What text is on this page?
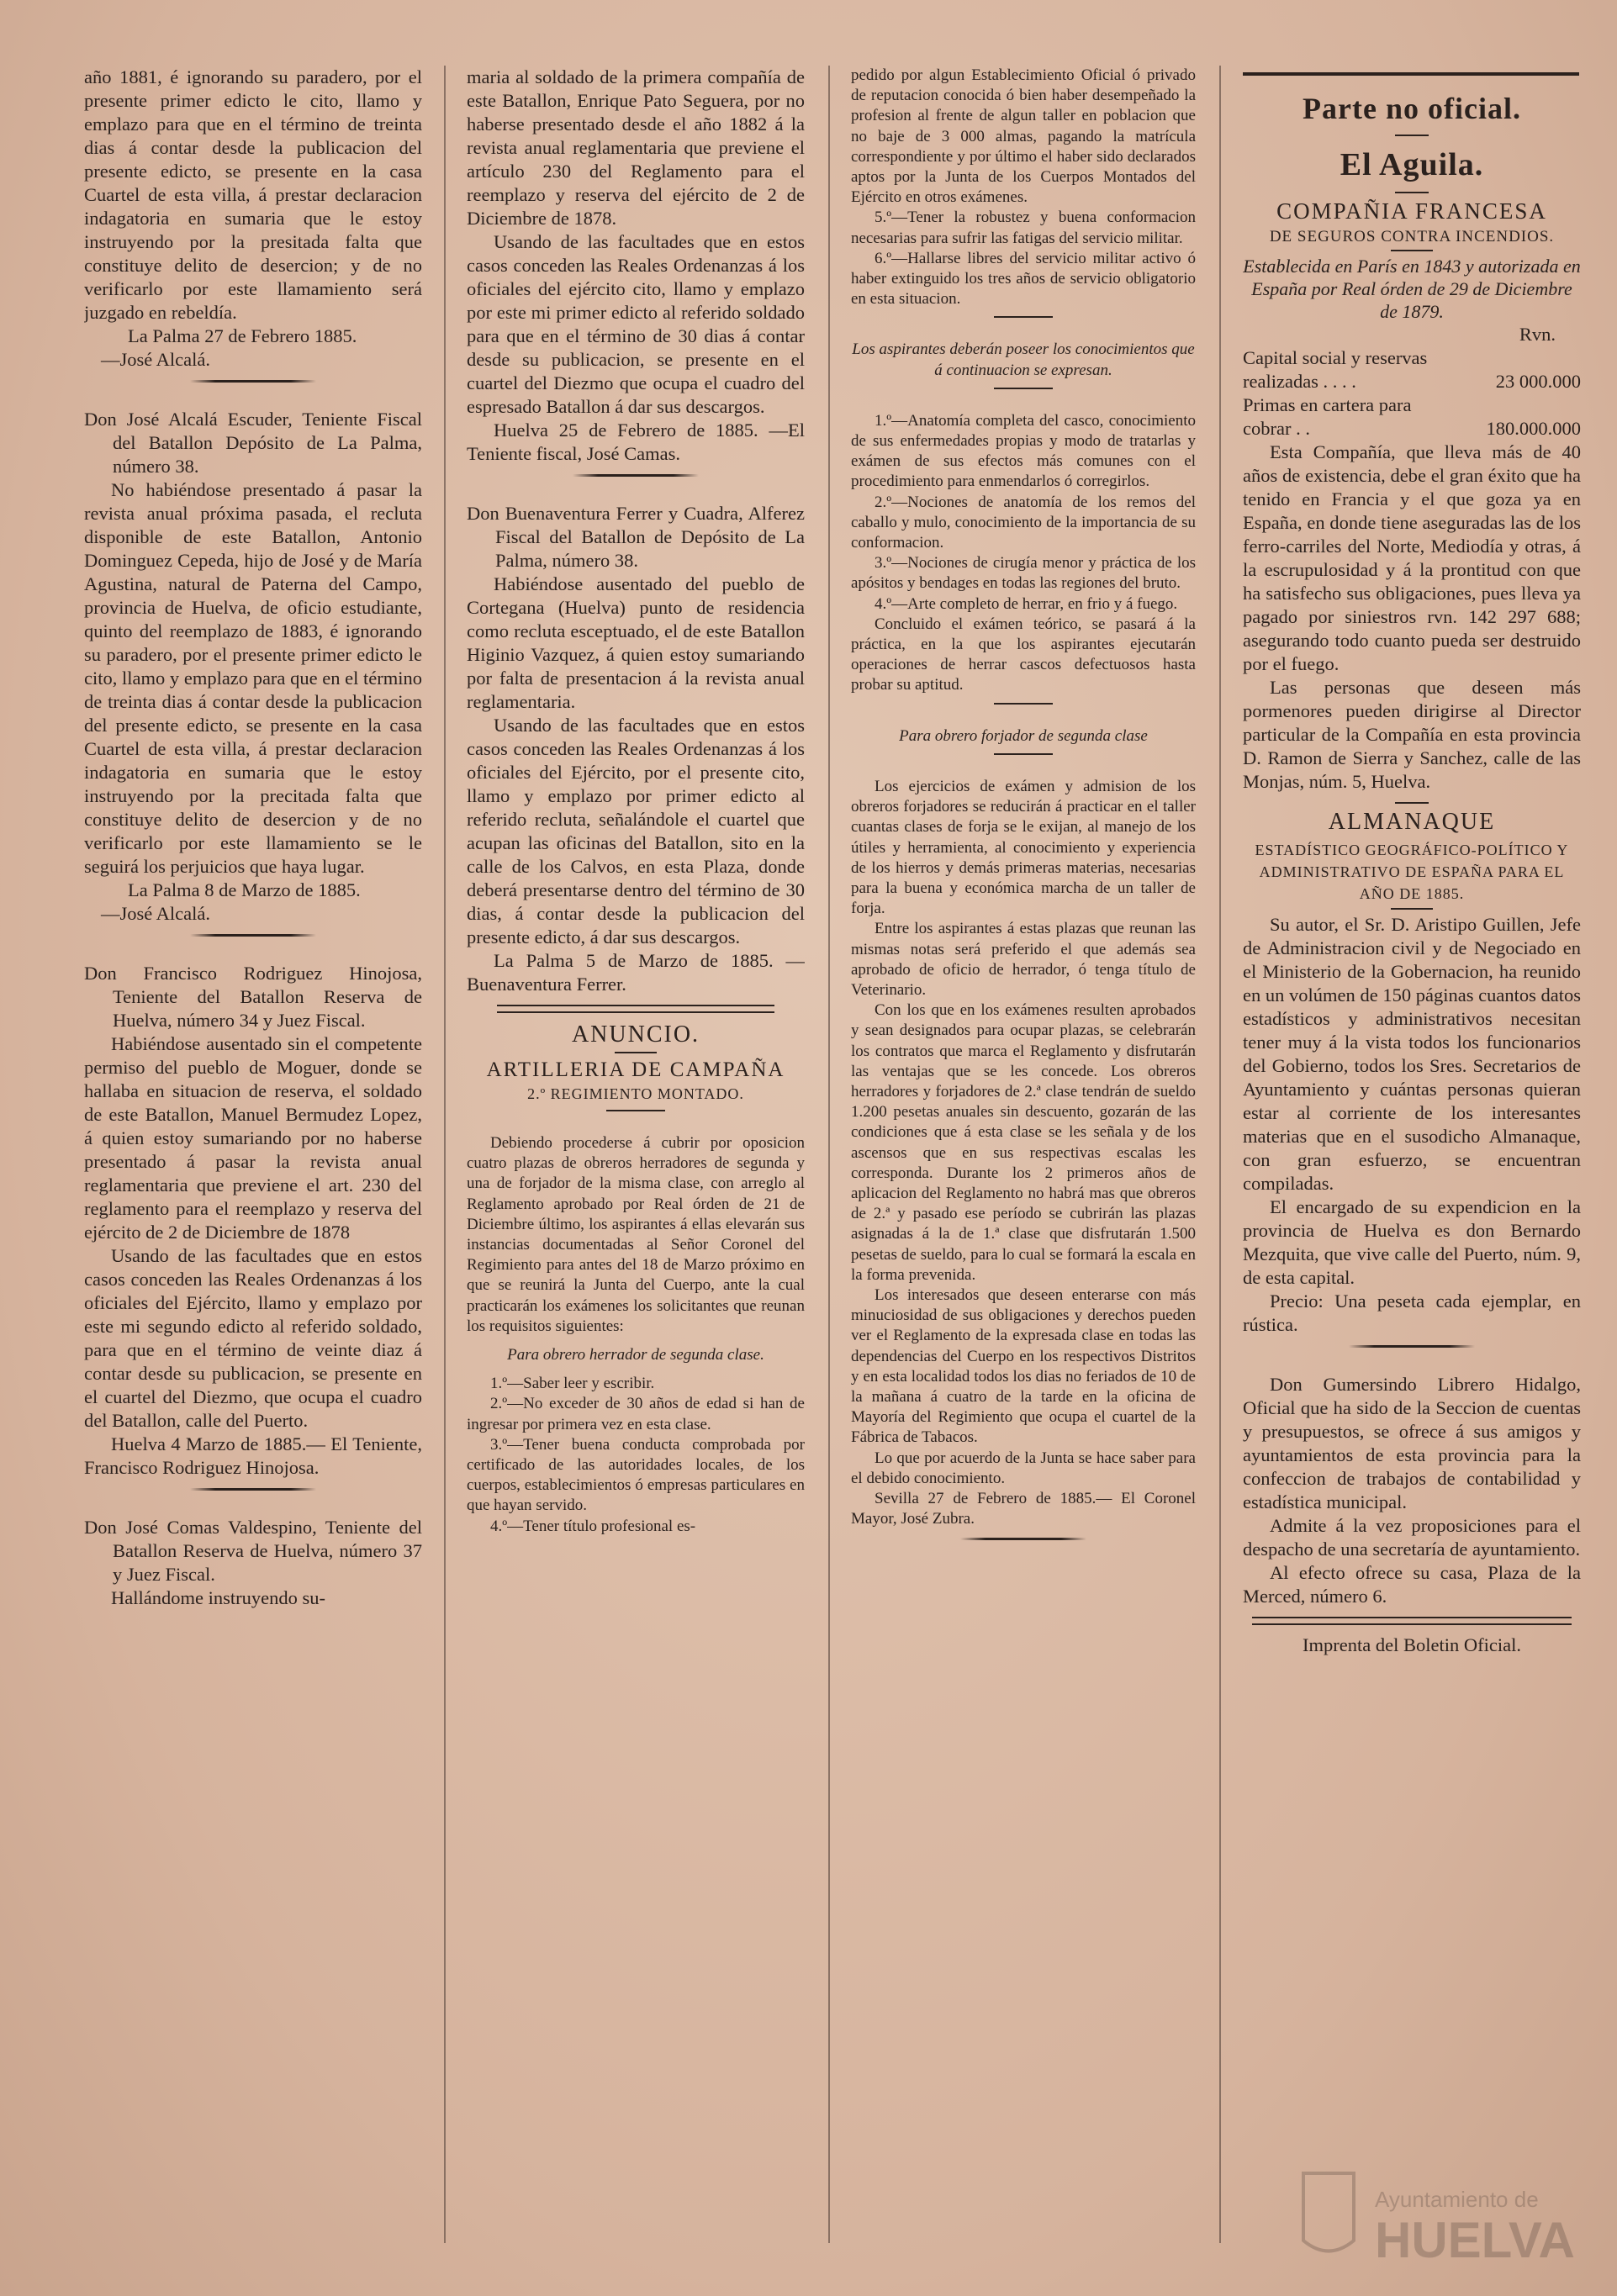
año 1881, é ignorando su paradero, por el presente primer edicto le cito, llamo y emplazo para que en el término de treinta dias á contar desde la publicacion del presente edicto, se presente en la casa Cuartel de esta villa, á prestar declaracion indagatoria en sumaria que le estoy instruyendo por la presitada falta que constituye delito de desercion; y de no verificarlo por este llamamiento será juzgado en rebeldía.

La Palma 27 de Febrero 1885.

—José Alcalá.

Don José Alcalá Escuder, Teniente Fiscal del Batallon Depósito de La Palma, número 38.

No habiéndose presentado á pasar la revista anual próxima pasada, el recluta disponible de este Batallon, Antonio Dominguez Cepeda, hijo de José y de María Agustina, natural de Paterna del Campo, provincia de Huelva, de oficio estudiante, quinto del reemplazo de 1883, é ignorando su paradero, por el presente primer edicto le cito, llamo y emplazo para que en el término de treinta dias á contar desde la publicacion del presente edicto, se presente en la casa Cuartel de esta villa, á prestar declaracion indagatoria en sumaria que le estoy instruyendo por la precitada falta que constituye delito de desercion y de no verificarlo por este llamamiento se le seguirá los perjuicios que haya lugar.

La Palma 8 de Marzo de 1885.

—José Alcalá.

Don Francisco Rodriguez Hinojosa, Teniente del Batallon Reserva de Huelva, número 34 y Juez Fiscal.

Habiéndose ausentado sin el competente permiso del pueblo de Moguer, donde se hallaba en situacion de reserva, el soldado de este Batallon, Manuel Bermudez Lopez, á quien estoy sumariando por no haberse presentado á pasar la revista anual reglamentaria que previene el art. 230 del reglamento para el reemplazo y reserva del ejército de 2 de Diciembre de 1878

Usando de las facultades que en estos casos conceden las Reales Ordenanzas á los oficiales del Ejército, llamo y emplazo por este mi segundo edicto al referido soldado, para que en el término de veinte diaz á contar desde su publicacion, se presente en el cuartel del Diezmo, que ocupa el cuadro del Batallon, calle del Puerto.

Huelva 4 Marzo de 1885.— El Teniente, Francisco Rodriguez Hinojosa.

Don José Comas Valdespino, Teniente del Batallon Reserva de Huelva, número 37 y Juez Fiscal.

Hallándome instruyendo su-

maria al soldado de la primera compañía de este Batallon, Enrique Pato Seguera, por no haberse presentado desde el año 1882 á la revista anual reglamentaria que previene el artículo 230 del Reglamento para el reemplazo y reserva del ejército de 2 de Diciembre de 1878.

Usando de las facultades que en estos casos conceden las Reales Ordenanzas á los oficiales del ejército cito, llamo y emplazo por este mi primer edicto al referido soldado para que en el término de 30 dias á contar desde su publicacion, se presente en el cuartel del Diezmo que ocupa el cuadro del espresado Batallon á dar sus descargos.

Huelva 25 de Febrero de 1885. —El Teniente fiscal, José Camas.

Don Buenaventura Ferrer y Cuadra, Alferez Fiscal del Batallon de Depósito de La Palma, número 38.

Habiéndose ausentado del pueblo de Cortegana (Huelva) punto de residencia como recluta esceptuado, el de este Batallon Higinio Vazquez, á quien estoy sumariando por falta de presentacion á la revista anual reglamentaria.

Usando de las facultades que en estos casos conceden las Reales Ordenanzas á los oficiales del Ejército, por el presente cito, llamo y emplazo por primer edicto al referido recluta, señalándole el cuartel que acupan las oficinas del Batallon, sito en la calle de los Calvos, en esta Plaza, donde deberá presentarse dentro del término de 30 dias, á contar desde la publicacion del presente edicto, á dar sus descargos.

La Palma 5 de Marzo de 1885. —Buenaventura Ferrer.

ANUNCIO.

ARTILLERIA DE CAMPAÑA

2.º REGIMIENTO MONTADO.

Debiendo procederse á cubrir por oposicion cuatro plazas de obreros herradores de segunda y una de forjador de la misma clase, con arreglo al Reglamento aprobado por Real órden de 21 de Diciembre último, los aspirantes á ellas elevarán sus instancias documentadas al Señor Coronel del Regimiento para antes del 18 de Marzo próximo en que se reunirá la Junta del Cuerpo, ante la cual practicarán los exámenes los solicitantes que reunan los requisitos siguientes:

Para obrero herrador de segunda clase.

1.º—Saber leer y escribir.

2.º—No exceder de 30 años de edad si han de ingresar por primera vez en esta clase.

3.º—Tener buena conducta comprobada por certificado de las autoridades locales, de los cuerpos, establecimientos ó empresas particulares en que hayan servido.

4.º—Tener título profesional es-

pedido por algun Establecimiento Oficial ó privado de reputacion conocida ó bien haber desempeñado la profesion al frente de algun taller en poblacion que no baje de 3 000 almas, pagando la matrícula correspondiente y por último el haber sido declarados aptos por la Junta de los Cuerpos Montados del Ejército en otros exámenes.

5.º—Tener la robustez y buena conformacion necesarias para sufrir las fatigas del servicio militar.

6.º—Hallarse libres del servicio militar activo ó haber extinguido los tres años de servicio obligatorio en esta situacion.

Los aspirantes deberán poseer los conocimientos que á continuacion se expresan.

1.º—Anatomía completa del casco, conocimiento de sus enfermedades propias y modo de tratarlas y exámen de sus efectos más comunes con el procedimiento para enmendarlos ó corregirlos.

2.º—Nociones de anatomía de los remos del caballo y mulo, conocimiento de la importancia de su conformacion.

3.º—Nociones de cirugía menor y práctica de los apósitos y bendages en todas las regiones del bruto.

4.º—Arte completo de herrar, en frio y á fuego.

Concluido el exámen teórico, se pasará á la práctica, en la que los aspirantes ejecutarán operaciones de herrar cascos defectuosos hasta probar su aptitud.

Para obrero forjador de segunda clase

Los ejercicios de exámen y admision de los obreros forjadores se reducirán á practicar en el taller cuantas clases de forja se le exijan, al manejo de los útiles y herramienta, al conocimiento y experiencia de los hierros y demás primeras materias, necesarias para la buena y económica marcha de un taller de forja.

Entre los aspirantes á estas plazas que reunan las mismas notas será preferido el que además sea aprobado de oficio de herrador, ó tenga título de Veterinario.

Con los que en los exámenes resulten aprobados y sean designados para ocupar plazas, se celebrarán los contratos que marca el Reglamento y disfrutarán las ventajas que se les concede. Los obreros herradores y forjadores de 2.ª clase tendrán de sueldo 1.200 pesetas anuales sin descuento, gozarán de las condiciones que á esta clase se les señala y de los ascensos que en sus respectivas escalas les corresponda. Durante los 2 primeros años de aplicacion del Reglamento no habrá mas que obreros de 2.ª y pasado ese período se cubrirán las plazas asignadas á la de 1.ª clase que disfrutarán 1.500 pesetas de sueldo, para lo cual se formará la escala en la forma prevenida.

Los interesados que deseen enterarse con más minuciosidad de sus obligaciones y derechos pueden ver el Reglamento de la expresada clase en todas las dependencias del Cuerpo en los respectivos Distritos y en esta localidad todos los dias no feriados de 10 de la mañana á cuatro de la tarde en la oficina de Mayoría del Regimiento que ocupa el cuartel de la Fábrica de Tabacos.

Lo que por acuerdo de la Junta se hace saber para el debido conocimiento.

Sevilla 27 de Febrero de 1885.— El Coronel Mayor, José Zubra.

Parte no oficial.

El Aguila.

COMPAÑIA FRANCESA

DE SEGUROS CONTRA INCENDIOS.

Establecida en París en 1843 y autorizada en España por Real órden de 29 de Diciembre de 1879.

Rvn.

Capital social y reservas realizadas . . . .	23 000.000
Primas en cartera para cobrar . .	180.000.000

Esta Compañía, que lleva más de 40 años de existencia, debe el gran éxito que ha tenido en Francia y el que goza ya en España, en donde tiene aseguradas las de los ferro-carriles del Norte, Mediodía y otras, á la escrupulosidad y á la prontitud con que ha satisfecho sus obligaciones, pues lleva ya pagado por siniestros rvn. 142 297 688; asegurando todo cuanto pueda ser destruido por el fuego.

Las personas que deseen más pormenores pueden dirigirse al Director particular de la Compañía en esta provincia D. Ramon de Sierra y Sanchez, calle de las Monjas, núm. 5, Huelva.

ALMANAQUE

ESTADÍSTICO GEOGRÁFICO-POLÍTICO Y ADMINISTRATIVO DE ESPAÑA PARA EL AÑO DE 1885.

Su autor, el Sr. D. Aristipo Guillen, Jefe de Administracion civil y de Negociado en el Ministerio de la Gobernacion, ha reunido en un volúmen de 150 páginas cuantos datos estadísticos y administrativos necesitan tener muy á la vista todos los funcionarios del Gobierno, todos los Sres. Secretarios de Ayuntamiento y cuántas personas quieran estar al corriente de los interesantes materias que en el susodicho Almanaque, con gran esfuerzo, se encuentran compiladas.

El encargado de su expendicion en la provincia de Huelva es don Bernardo Mezquita, que vive calle del Puerto, núm. 9, de esta capital.

Precio: Una peseta cada ejemplar, en rústica.

Don Gumersindo Librero Hidalgo, Oficial que ha sido de la Seccion de cuentas y presupuestos, se ofrece á sus amigos y ayuntamientos de esta provincia para la confeccion de trabajos de contabilidad y estadística municipal.

Admite á la vez proposiciones para el despacho de una secretaría de ayuntamiento.

Al efecto ofrece su casa, Plaza de la Merced, número 6.

Imprenta del Boletin Oficial.

Ayuntamiento de
HUELVA
